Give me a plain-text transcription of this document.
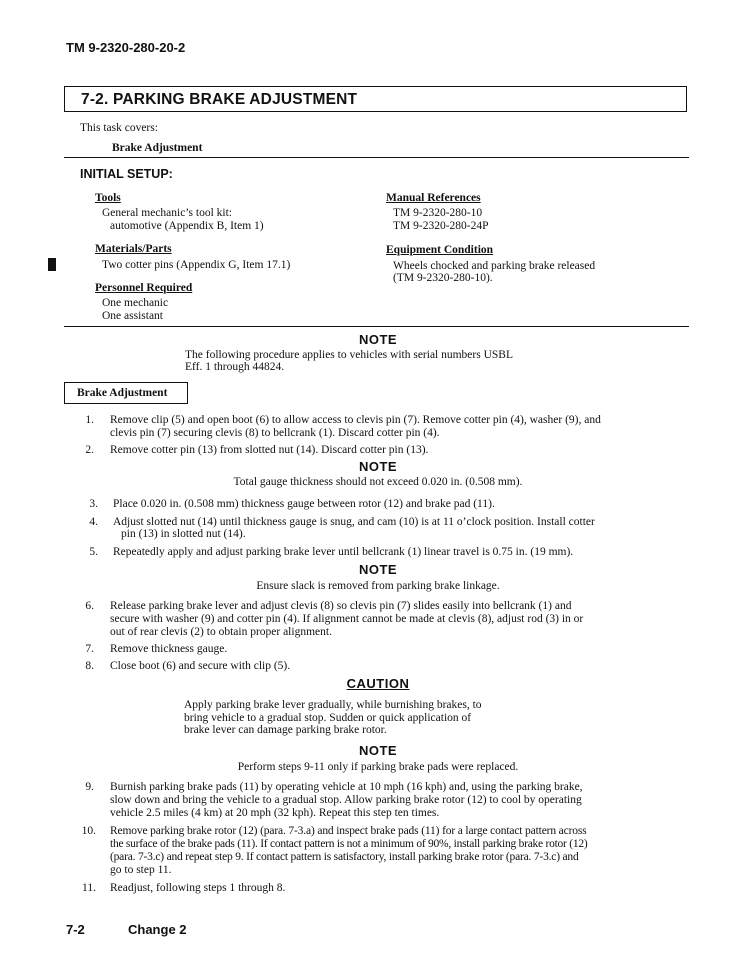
TM 9-2320-280-20-2
7-2. PARKING BRAKE ADJUSTMENT
This task covers:
Brake Adjustment
INITIAL SETUP:
Tools
General mechanic’s tool kit:
automotive (Appendix B, Item 1)
Materials/Parts
Two cotter pins (Appendix G, Item 17.1)
Personnel Required
One mechanic
One assistant
Manual References
TM 9-2320-280-10
TM 9-2320-280-24P
Equipment Condition
Wheels chocked and parking brake released
(TM 9-2320-280-10).
NOTE
The following procedure applies to vehicles with serial numbers USBL
Eff. 1 through 44824.
Brake Adjustment
1. Remove clip (5) and open boot (6) to allow access to clevis pin (7). Remove cotter pin (4), washer (9), and
clevis pin (7) securing clevis (8) to bellcrank (1). Discard cotter pin (4).
2. Remove cotter pin (13) from slotted nut (14). Discard cotter pin (13).
NOTE
Total gauge thickness should not exceed 0.020 in. (0.508 mm).
3. Place 0.020 in. (0.508 mm) thickness gauge between rotor (12) and brake pad (11).
4. Adjust slotted nut (14) until thickness gauge is snug, and cam (10) is at 11 o’clock position. Install cotter
pin (13) in slotted nut (14).
5. Repeatedly apply and adjust parking brake lever until bellcrank (1) linear travel is 0.75 in. (19 mm).
NOTE
Ensure slack is removed from parking brake linkage.
6. Release parking brake lever and adjust clevis (8) so clevis pin (7) slides easily into bellcrank (1) and
secure with washer (9) and cotter pin (4). If alignment cannot be made at clevis (8), adjust rod (3) in or
out of rear clevis (2) to obtain proper alignment.
7. Remove thickness gauge.
8. Close boot (6) and secure with clip (5).
CAUTION
Apply parking brake lever gradually, while burnishing brakes, to
bring vehicle to a gradual stop. Sudden or quick application of
brake lever can damage parking brake rotor.
NOTE
Perform steps 9-11 only if parking brake pads were replaced.
9. Burnish parking brake pads (11) by operating vehicle at 10 mph (16 kph) and, using the parking brake,
slow down and bring the vehicle to a gradual stop. Allow parking brake rotor (12) to cool by operating
vehicle 2.5 miles (4 km) at 20 mph (32 kph). Repeat this step ten times.
10. Remove parking brake rotor (12) (para. 7-3.a) and inspect brake pads (11) for a large contact pattern across
the surface of the brake pads (11). If contact pattern is not a minimum of 90%, install parking brake rotor (12)
(para. 7-3.c) and repeat step 9. If contact pattern is satisfactory, install parking brake rotor (para. 7-3.c) and
go to step 11.
11. Readjust, following steps 1 through 8.
7-2	Change 2
